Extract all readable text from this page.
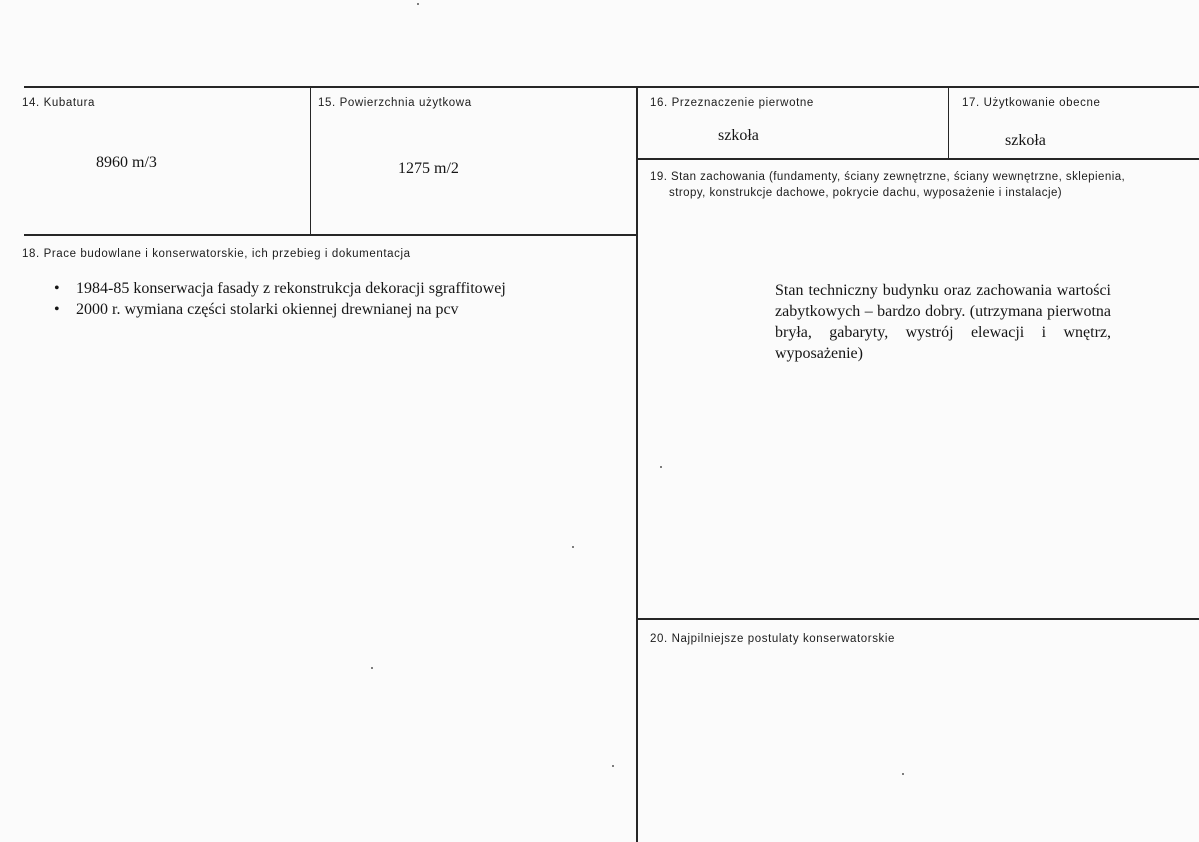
14. Kubatura
8960 m/3
15. Powierzchnia użytkowa
1275 m/2
16. Przeznaczenie pierwotne
szkoła
17. Użytkowanie obecne
szkoła
18. Prace budowlane i konserwatorskie, ich przebieg i dokumentacja
• 1984-85 konserwacja fasady z rekonstrukcja dekoracji sgraffitowej
• 2000 r. wymiana części stolarki okiennej drewnianej na pcv
19. Stan zachowania (fundamenty, ściany zewnętrzne, ściany wewnętrzne, sklepienia,
stropy, konstrukcje dachowe, pokrycie dachu, wyposażenie i instalacje)
Stan techniczny budynku oraz zachowania wartości zabytkowych – bardzo dobry. (utrzymana pierwotna bryła, gabaryty, wystrój elewacji i wnętrz, wyposażenie)
20. Najpilniejsze postulaty konserwatorskie
